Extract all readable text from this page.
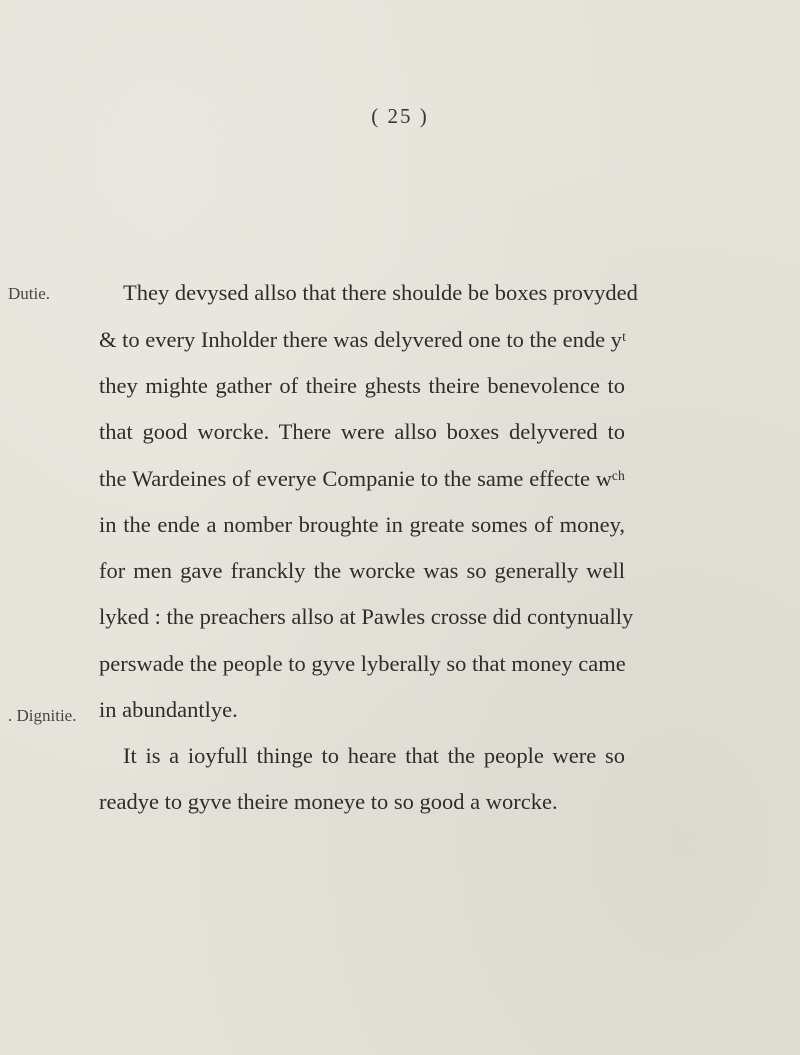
( 25 )
Dutie.
. Dignitie.
They devysed allso that there shoulde be boxes provyded
& to every Inholder there was delyvered one to the ende yᵗ
they mighte gather of theire ghests theire benevolence to
that good worcke. There were allso boxes delyvered to
the Wardeines of everye Companie to the same effecte wᶜʰ
in the ende a nomber broughte in greate somes of money,
for men gave franckly the worcke was so generally well
lyked : the preachers allso at Pawles crosse did contynually
perswade the people to gyve lyberally so that money came
in abundantlye.
It is a ioyfull thinge to heare that the people were so
readye to gyve theire moneye to so good a worcke.
